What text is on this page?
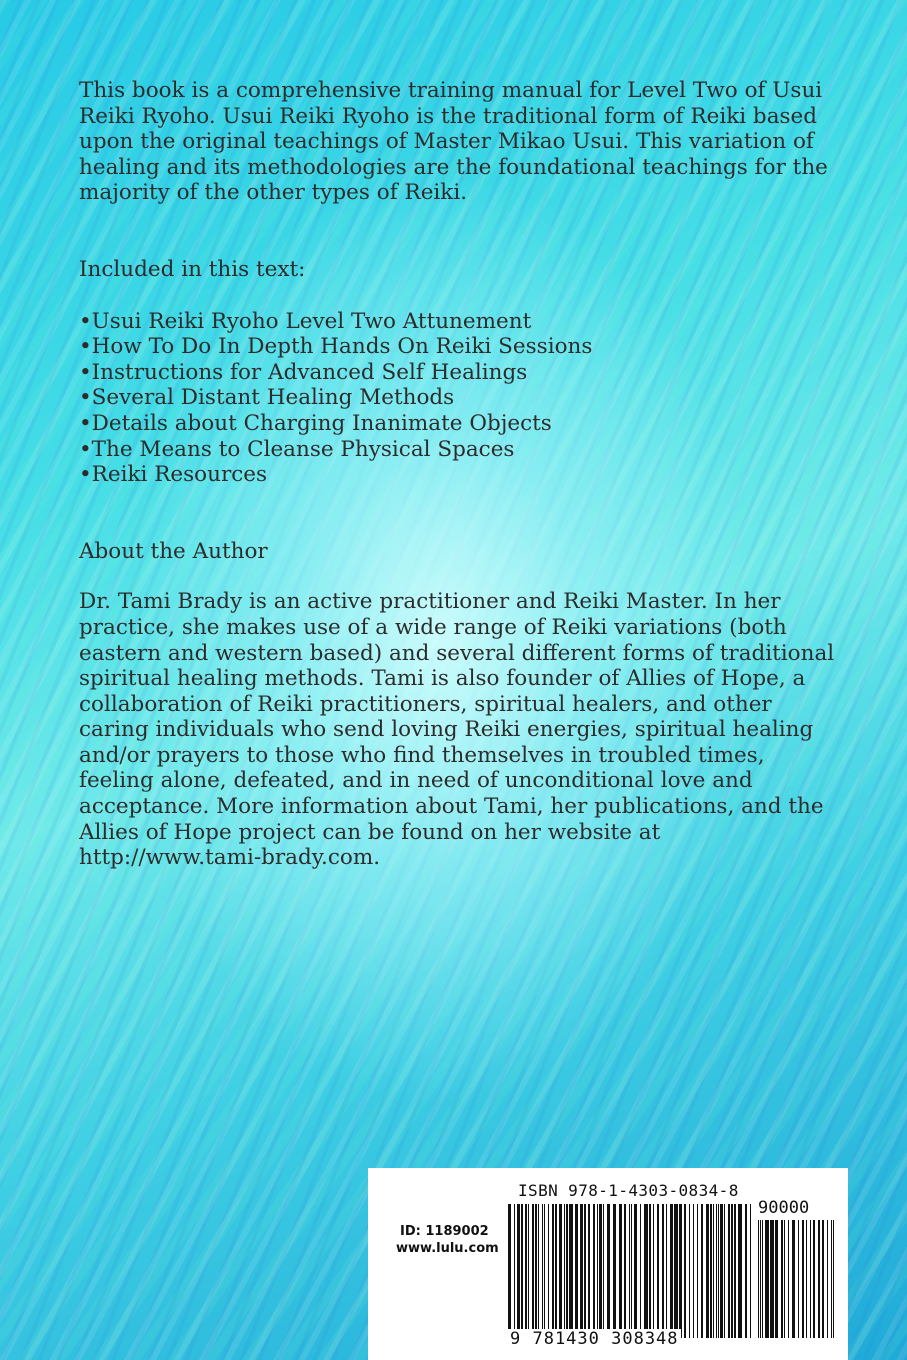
This book is a comprehensive training manual for Level Two of Usui Reiki Ryoho. Usui Reiki Ryoho is the traditional form of Reiki based upon the original teachings of Master Mikao Usui. This variation of healing and its methodologies are the foundational teachings for the majority of the other types of Reiki.

Included in this text:

•Usui Reiki Ryoho Level Two Attunement
•How To Do In Depth Hands On Reiki Sessions
•Instructions for Advanced Self Healings
•Several Distant Healing Methods
•Details about Charging Inanimate Objects
•The Means to Cleanse Physical Spaces
•Reiki Resources

About the Author

Dr. Tami Brady is an active practitioner and Reiki Master. In her practice, she makes use of a wide range of Reiki variations (both eastern and western based) and several different forms of traditional spiritual healing methods. Tami is also founder of Allies of Hope, a collaboration of Reiki practitioners, spiritual healers, and other caring individuals who send loving Reiki energies, spiritual healing and/or prayers to those who find themselves in troubled times, feeling alone, defeated, and in need of unconditional love and acceptance. More information about Tami, her publications, and the Allies of Hope project can be found on her website at http://www.tami-brady.com.

ID: 1189002
www.lulu.com
ISBN 978-1-4303-0834-8
90000
9 781430 308348
